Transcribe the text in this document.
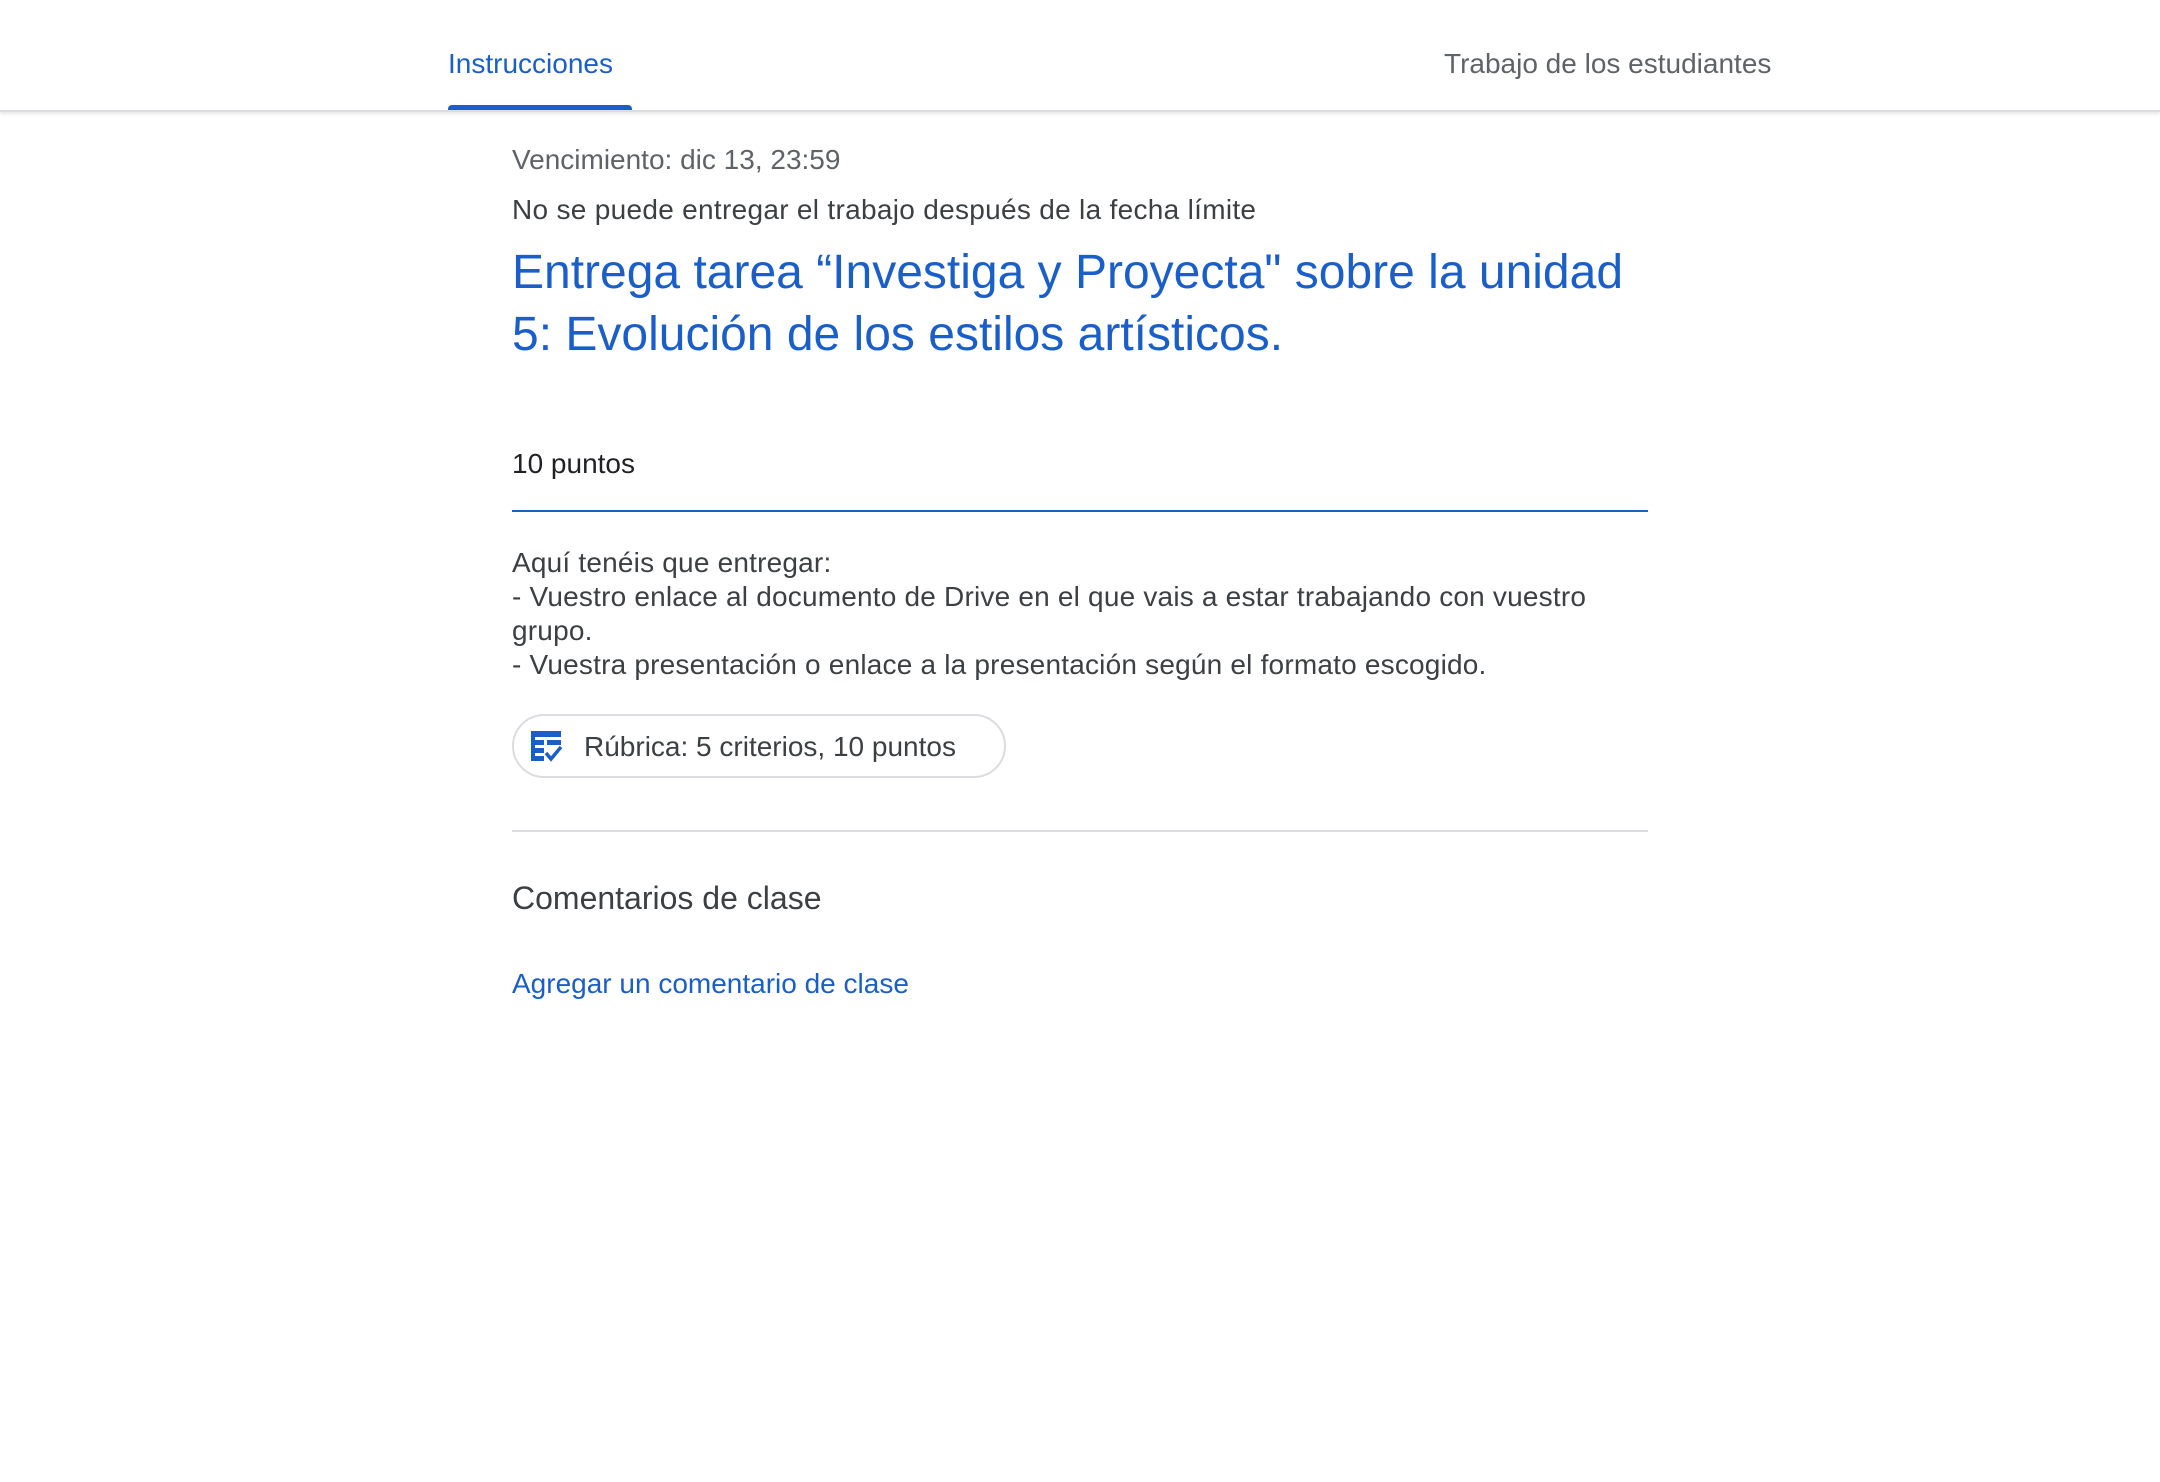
Instrucciones	Trabajo de los estudiantes
Vencimiento: dic 13, 23:59
No se puede entregar el trabajo después de la fecha límite
Entrega tarea “Investiga y Proyecta" sobre la unidad 5: Evolución de los estilos artísticos.
10 puntos
Aquí tenéis que entregar:
- Vuestro enlace al documento de Drive en el que vais a estar trabajando con vuestro grupo.
- Vuestra presentación o enlace a la presentación según el formato escogido.
Rúbrica: 5 criterios, 10 puntos
Comentarios de clase
Agregar un comentario de clase
